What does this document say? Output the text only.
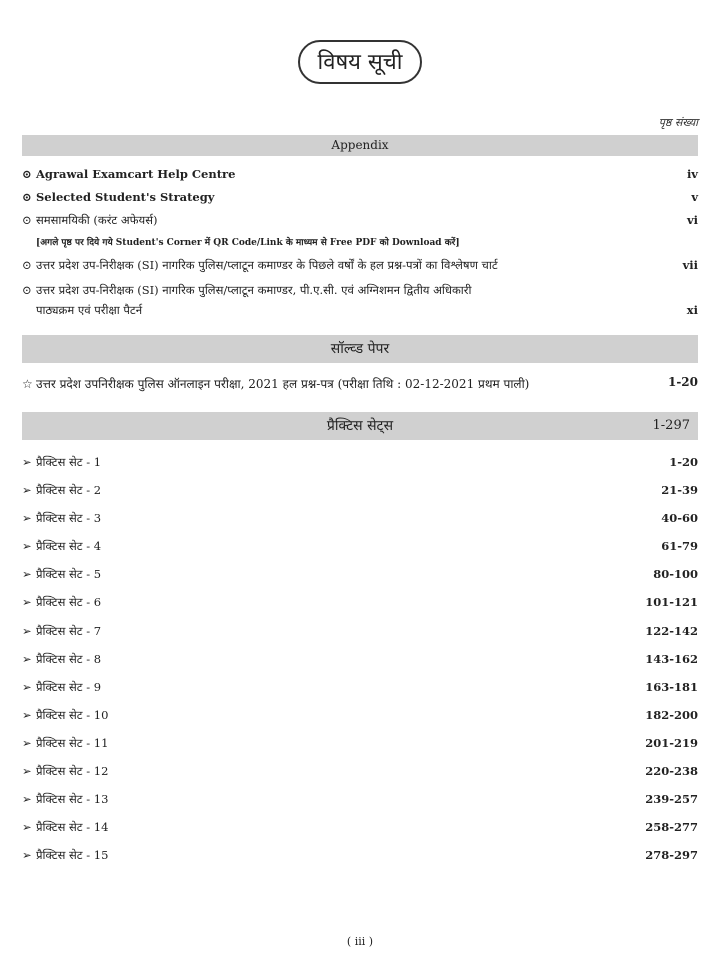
विषय सूची
पृष्ठ संख्या
Appendix
⊙ Agrawal Examcart Help Centre	iv
⊙ Selected Student's Strategy	v
⊙ समसामयिकी (करंट अफेयर्स)	vi
[अगले पृष्ठ पर दिये गये Student's Corner में QR Code/Link के माध्यम से Free PDF को Download करें]
⊙ उत्तर प्रदेश उप-निरीक्षक (SI) नागरिक पुलिस/प्लाटून कमाण्डर के पिछले वर्षों के हल प्रश्न-पत्रों का विश्लेषण चार्ट	vii
⊙ उत्तर प्रदेश उप-निरीक्षक (SI) नागरिक पुलिस/प्लाटून कमाण्डर, पी.ए.सी. एवं अग्निशमन द्वितीय अधिकारी
पाठ्यक्रम एवं परीक्षा पैटर्न	xi
सॉल्व्ड पेपर
☆ उत्तर प्रदेश उपनिरीक्षक पुलिस ऑनलाइन परीक्षा, 2021 हल प्रश्न-पत्र (परीक्षा तिथि : 02-12-2021 प्रथम पाली)	1-20
प्रैक्टिस सेट्स	1-297
➢ प्रैक्टिस सेट - 1	1-20
➢ प्रैक्टिस सेट - 2	21-39
➢ प्रैक्टिस सेट - 3	40-60
➢ प्रैक्टिस सेट - 4	61-79
➢ प्रैक्टिस सेट - 5	80-100
➢ प्रैक्टिस सेट - 6	101-121
➢ प्रैक्टिस सेट - 7	122-142
➢ प्रैक्टिस सेट - 8	143-162
➢ प्रैक्टिस सेट - 9	163-181
➢ प्रैक्टिस सेट - 10	182-200
➢ प्रैक्टिस सेट - 11	201-219
➢ प्रैक्टिस सेट - 12	220-238
➢ प्रैक्टिस सेट - 13	239-257
➢ प्रैक्टिस सेट - 14	258-277
➢ प्रैक्टिस सेट - 15	278-297
( iii )
